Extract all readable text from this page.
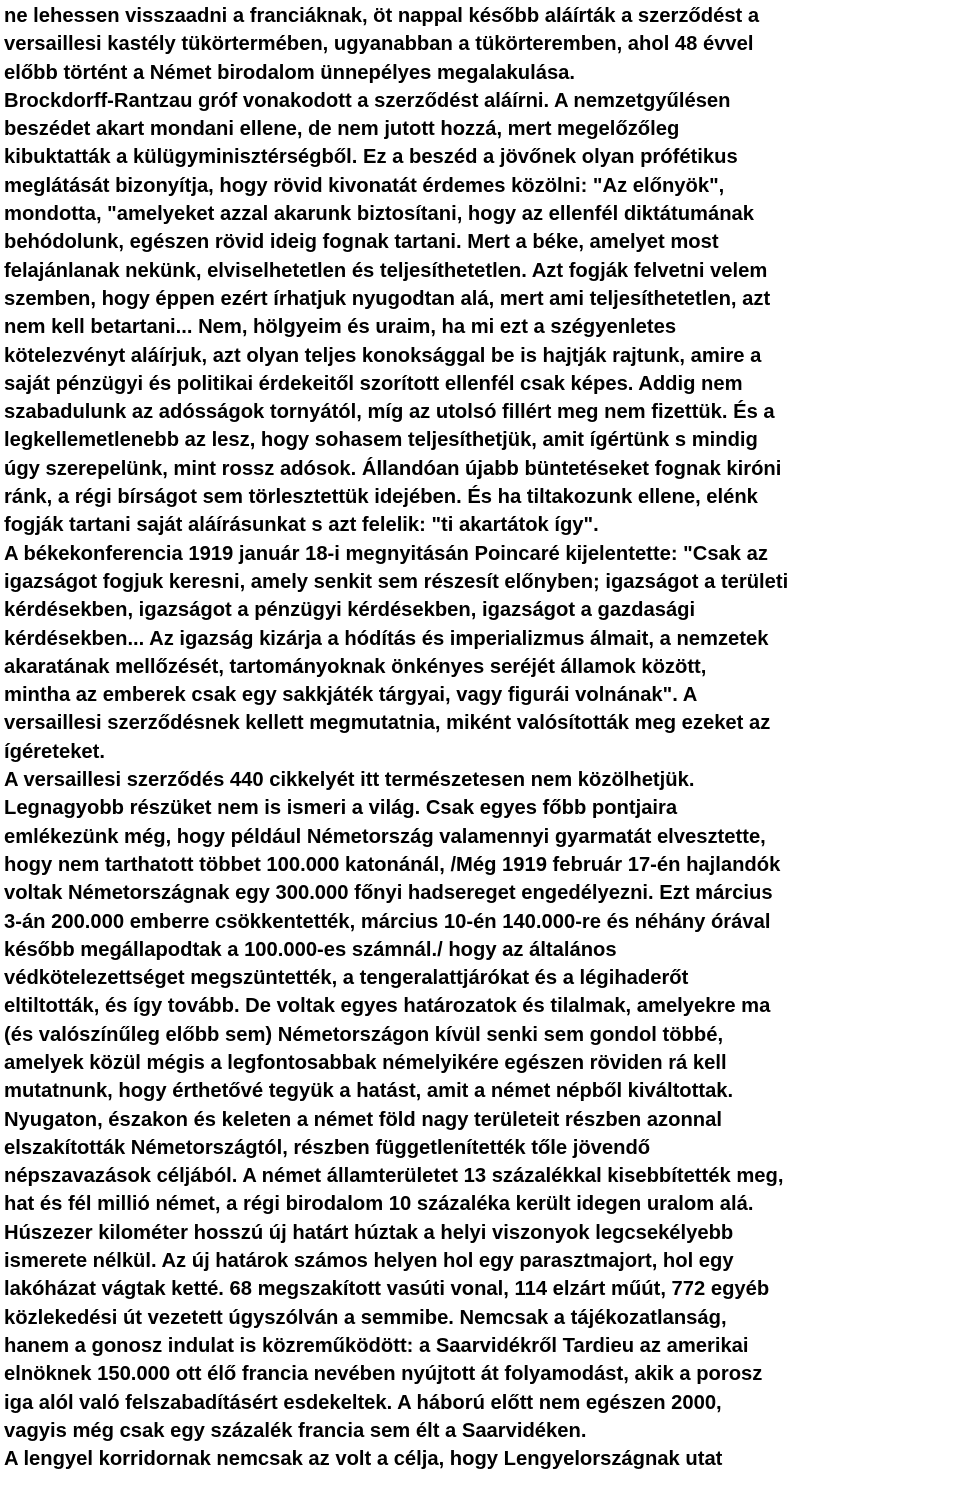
ne lehessen visszaadni a franciáknak, öt nappal később aláírták a szerződést a
versaillesi kastély tükörtermében, ugyanabban a tükörteremben, ahol 48 évvel
előbb történt a Német birodalom ünnepélyes megalakulása.
Brockdorff-Rantzau gróf vonakodott a szerződést aláírni. A nemzetgyűlésen
beszédet akart mondani ellene, de nem jutott hozzá, mert megelőzőleg
kibuktatták a külügyminisztérségből. Ez a beszéd a jövőnek olyan prófétikus
meglátását bizonyítja, hogy rövid kivonatát érdemes közölni: "Az előnyök",
mondotta, "amelyeket azzal akarunk biztosítani, hogy az ellenfél diktátumának
behódolunk, egészen rövid ideig fognak tartani. Mert a béke, amelyet most
felajánlanak nekünk, elviselhetetlen és teljesíthetetlen. Azt fogják felvetni velem
szemben, hogy éppen ezért írhatjuk nyugodtan alá, mert ami teljesíthetetlen, azt
nem kell betartani... Nem, hölgyeim és uraim, ha mi ezt a szégyenletes
kötelezvényt aláírjuk, azt olyan teljes konoksággal be is hajtják rajtunk, amire a
saját pénzügyi és politikai érdekeitől szorított ellenfél csak képes. Addig nem
szabadulunk az adósságok tornyától, míg az utolsó fillért meg nem fizettük. És a
legkellemetlenebb az lesz, hogy sohasem teljesíthetjük, amit ígértünk s mindig
úgy szerepelünk, mint rossz adósok. Állandóan újabb büntetéseket fognak kiróni
ránk, a régi bírságot sem törlesztettük idejében. És ha tiltakozunk ellene, elénk
fogják tartani saját aláírásunkat s azt felelik: "ti akartátok így".
A békekonferencia 1919 január 18-i megnyitásán Poincaré kijelentette: "Csak az
igazságot fogjuk keresni, amely senkit sem részesít előnyben; igazságot a területi
kérdésekben, igazságot a pénzügyi kérdésekben, igazságot a gazdasági
kérdésekben... Az igazság kizárja a hódítás és imperializmus álmait, a nemzetek
akaratának mellőzését, tartományoknak önkényes seréjét államok között,
mintha az emberek csak egy sakkjáték tárgyai, vagy figurái volnának". A
versaillesi szerződésnek kellett megmutatnia, miként valósították meg ezeket az
ígéreteket.
A versaillesi szerződés 440 cikkelyét itt természetesen nem közölhetjük.
Legnagyobb részüket nem is ismeri a világ. Csak egyes főbb pontjaira
emlékezünk még, hogy például Németország valamennyi gyarmatát elvesztette,
hogy nem tarthatott többet 100.000 katonánál, /Még 1919 február 17-én hajlandók
voltak Németországnak egy 300.000 főnyi hadsereget engedélyezni. Ezt március
3-án 200.000 emberre csökkentették, március 10-én 140.000-re és néhány órával
később megállapodtak a 100.000-es számnál./ hogy az általános
védkötelezettséget megszüntették, a tengeralattjárókat és a légihaderőt
eltiltották, és így tovább. De voltak egyes határozatok és tilalmak, amelyekre ma
(és valószínűleg előbb sem) Németországon kívül senki sem gondol többé,
amelyek közül mégis a legfontosabbak némelyikére egészen röviden rá kell
mutatnunk, hogy érthetővé tegyük a hatást, amit a német népből kiváltottak.
Nyugaton, északon és keleten a német föld nagy területeit részben azonnal
elszakították Németországtól, részben függetlenítették tőle jövendő
népszavazások céljából. A német államterületet 13 százalékkal kisebbítették meg,
hat és fél millió német, a régi birodalom 10 százaléka került idegen uralom alá.
Húszezer kilométer hosszú új határt húztak a helyi viszonyok legcsekélyebb
ismerete nélkül. Az új határok számos helyen hol egy parasztmajort, hol egy
lakóházat vágtak ketté. 68 megszakított vasúti vonal, 114 elzárt műút, 772 egyéb
közlekedési út vezetett úgyszólván a semmibe. Nemcsak a tájékozatlanság,
hanem a gonosz indulat is közreműködött: a Saarvidékről Tardieu az amerikai
elnöknek 150.000 ott élő francia nevében nyújtott át folyamodást, akik a porosz
iga alól való felszabadításért esdekeltek. A háború előtt nem egészen 2000,
vagyis még csak egy százalék francia sem élt a Saarvidéken.
A lengyel korridornak nemcsak az volt a célja, hogy Lengyelországnak utat
